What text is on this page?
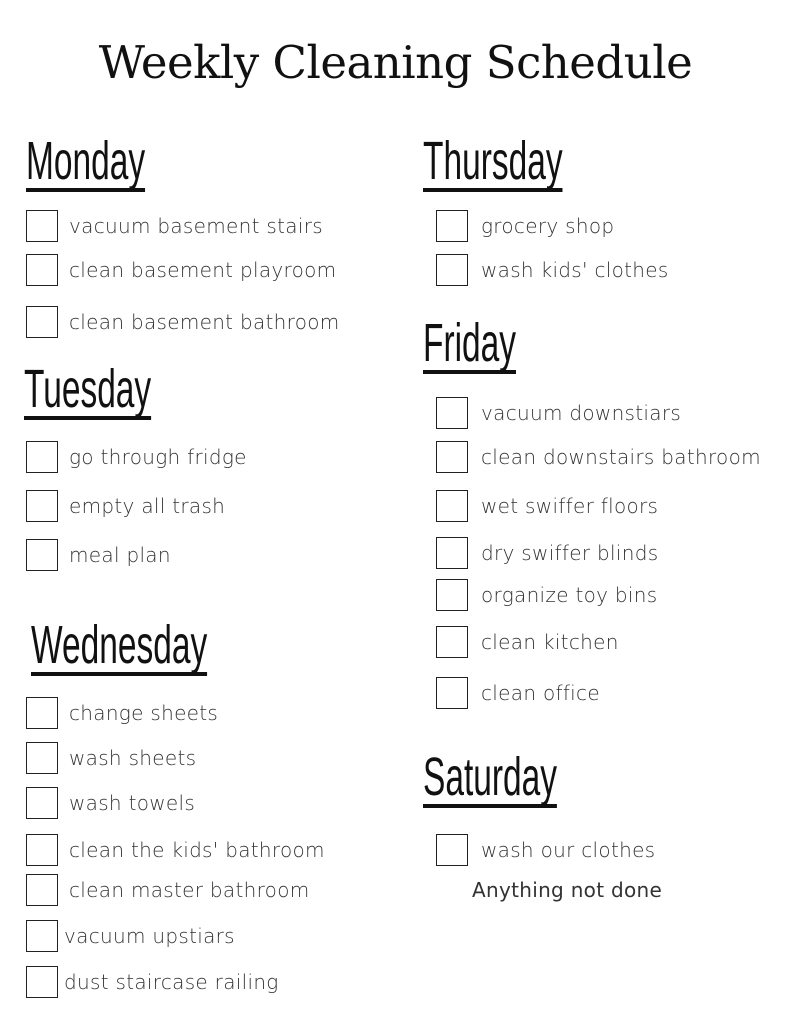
Weekly Cleaning Schedule
Monday
vacuum basement stairs
clean basement playroom
clean basement bathroom
Tuesday
go through fridge
empty all trash
meal plan
Wednesday
change sheets
wash sheets
wash towels
clean the kids' bathroom
clean master bathroom
vacuum upstiars
dust staircase railing
Thursday
grocery shop
wash kids' clothes
Friday
vacuum downstiars
clean downstairs bathroom
wet swiffer floors
dry swiffer blinds
organize toy bins
clean kitchen
clean office
Saturday
wash our clothes
Anything not done
